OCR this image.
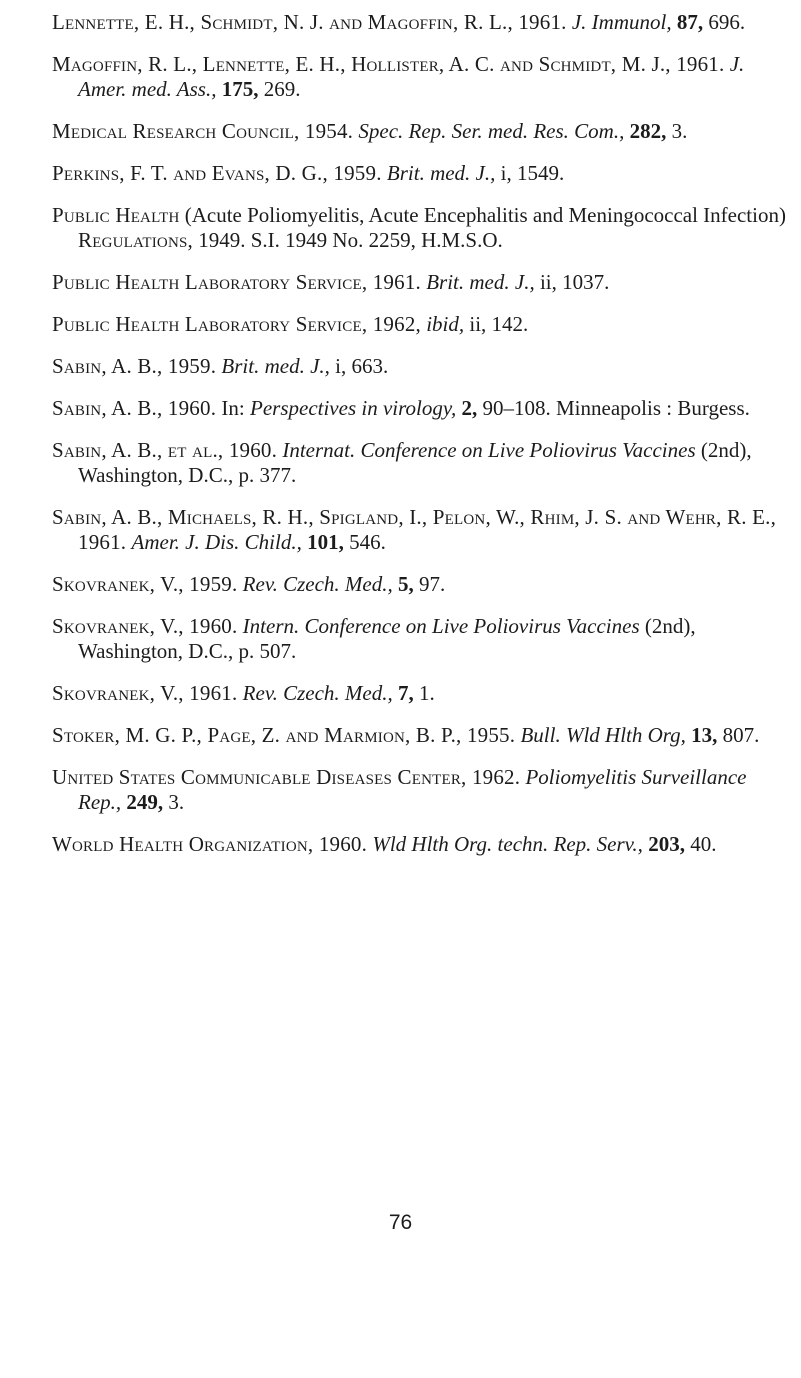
Lennette, E. H., Schmidt, N. J. and Magoffin, R. L., 1961. J. Immunol, 87, 696.

Magoffin, R. L., Lennette, E. H., Hollister, A. C. and Schmidt, M. J., 1961. J. Amer. med. Ass., 175, 269.

Medical Research Council, 1954. Spec. Rep. Ser. med. Res. Com., 282, 3.

Perkins, F. T. and Evans, D. G., 1959. Brit. med. J., i, 1549.

Public Health (Acute Poliomyelitis, Acute Encephalitis and Meningococcal Infection) Regulations, 1949. S.I. 1949 No. 2259, H.M.S.O.

Public Health Laboratory Service, 1961. Brit. med. J., ii, 1037.

Public Health Laboratory Service, 1962, ibid, ii, 142.

Sabin, A. B., 1959. Brit. med. J., i, 663.

Sabin, A. B., 1960. In: Perspectives in virology, 2, 90–108. Minneapolis : Burgess.

Sabin, A. B., et al., 1960. Internat. Conference on Live Poliovirus Vaccines (2nd), Washington, D.C., p. 377.

Sabin, A. B., Michaels, R. H., Spigland, I., Pelon, W., Rhim, J. S. and Wehr, R. E., 1961. Amer. J. Dis. Child., 101, 546.

Skovranek, V., 1959. Rev. Czech. Med., 5, 97.

Skovranek, V., 1960. Intern. Conference on Live Poliovirus Vaccines (2nd), Washington, D.C., p. 507.

Skovranek, V., 1961. Rev. Czech. Med., 7, 1.

Stoker, M. G. P., Page, Z. and Marmion, B. P., 1955. Bull. Wld Hlth Org, 13, 807.

United States Communicable Diseases Center, 1962. Poliomyelitis Surveillance Rep., 249, 3.

World Health Organization, 1960. Wld Hlth Org. techn. Rep. Serv., 203, 40.

76
